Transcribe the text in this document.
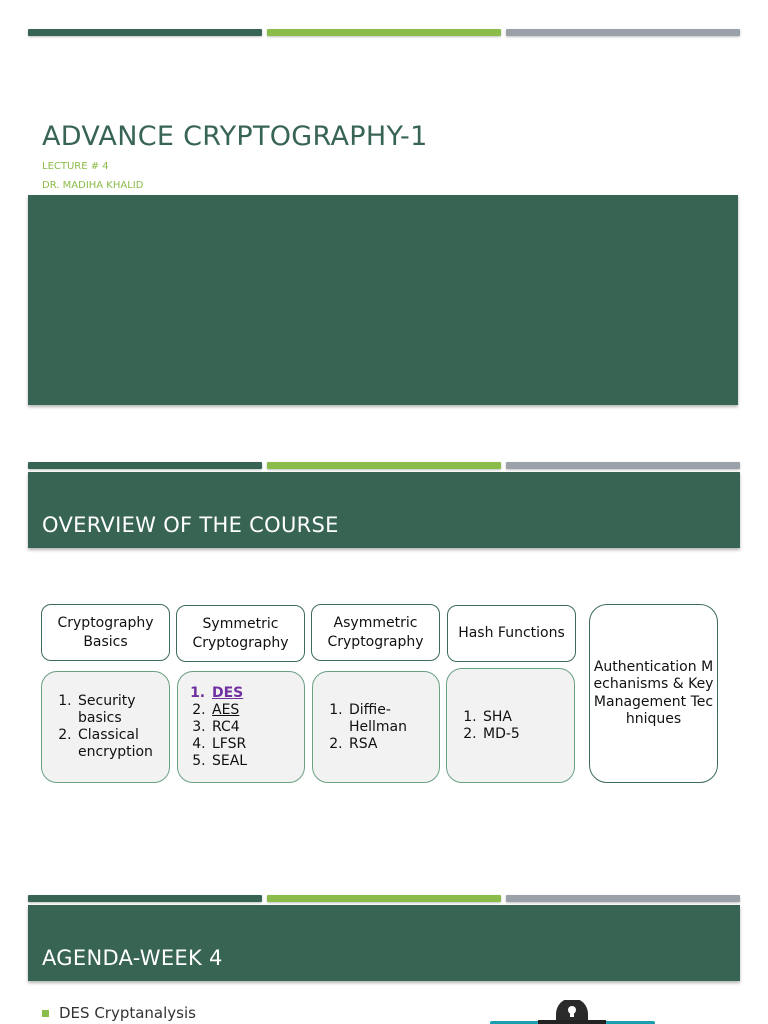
ADVANCE CRYPTOGRAPHY-1
LECTURE # 4
DR. MADIHA KHALID
OVERVIEW OF THE COURSE
Cryptography Basics
Symmetric Cryptography
Asymmetric Cryptography
Hash Functions
Authentication Mechanisms & Key Management Techniques
1. Security basics
2. Classical encryption
1. DES
2. AES
3. RC4
4. LFSR
5. SEAL
1. Diffie-Hellman
2. RSA
1. SHA
2. MD-5
AGENDA-WEEK 4
DES Cryptanalysis
